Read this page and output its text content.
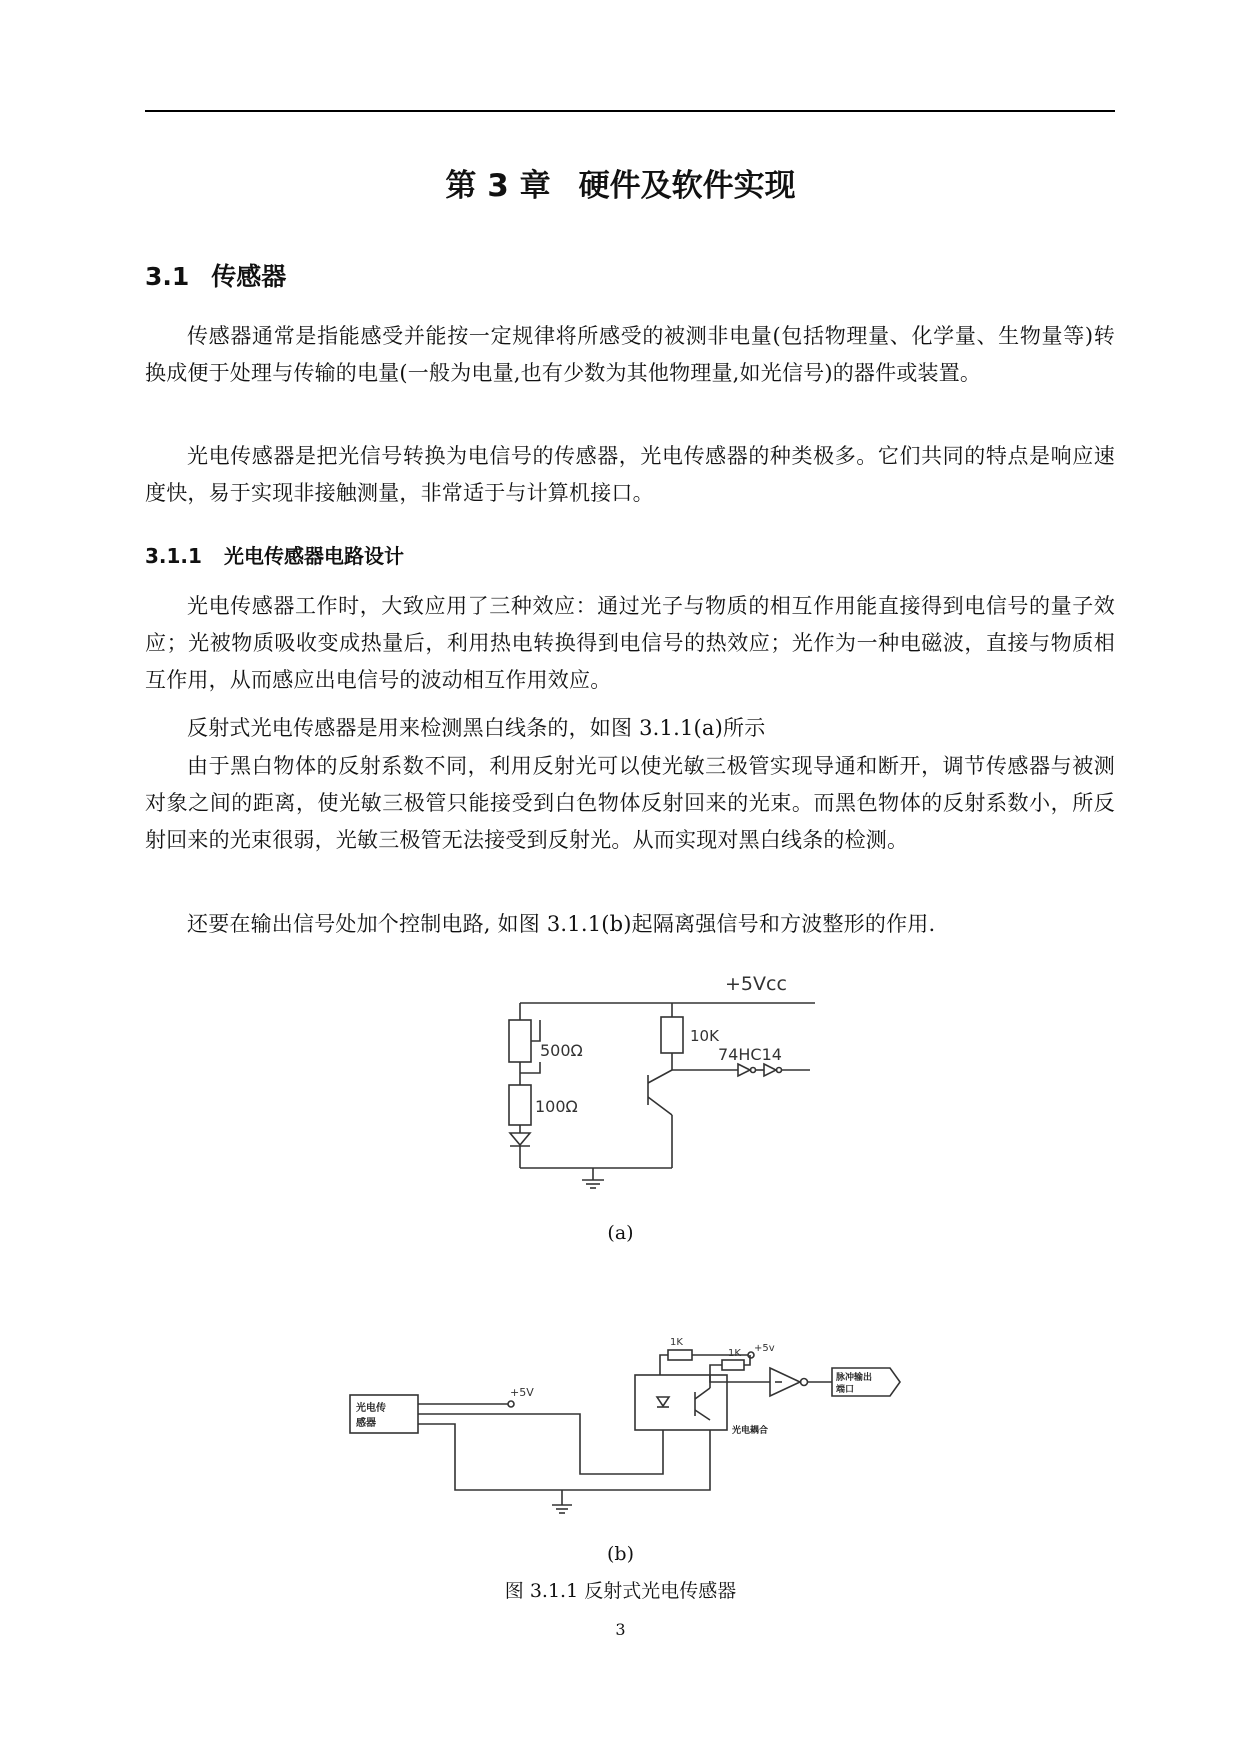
第 3 章 硬件及软件实现
3.1 传感器

传感器通常是指能感受并能按一定规律将所感受的被测非电量(包括物理量、化学量、生物量等)转换成便于处理与传输的电量(一般为电量,也有少数为其他物理量,如光信号)的器件或装置。

光电传感器是把光信号转换为电信号的传感器，光电传感器的种类极多。它们共同的特点是响应速度快，易于实现非接触测量，非常适于与计算机接口。

3.1.1 光电传感器电路设计

光电传感器工作时，大致应用了三种效应：通过光子与物质的相互作用能直接得到电信号的量子效应；光被物质吸收变成热量后，利用热电转换得到电信号的热效应；光作为一种电磁波，直接与物质相互作用，从而感应出电信号的波动相互作用效应。

反射式光电传感器是用来检测黑白线条的，如图 3.1.1(a)所示

由于黑白物体的反射系数不同，利用反射光可以使光敏三极管实现导通和断开，调节传感器与被测对象之间的距离，使光敏三极管只能接受到白色物体反射回来的光束。而黑色物体的反射系数小，所反射回来的光束很弱，光敏三极管无法接受到反射光。从而实现对黑白线条的检测。

还要在输出信号处加个控制电路, 如图 3.1.1(b)起隔离强信号和方波整形的作用.

+5Vcc
500Ω
100Ω
10K
74HC14
(a)
光电传
感器
+5V
光电耦合
1K
+5v
1K
脉冲输出
端口
(b)
图 3.1.1 反射式光电传感器
3
